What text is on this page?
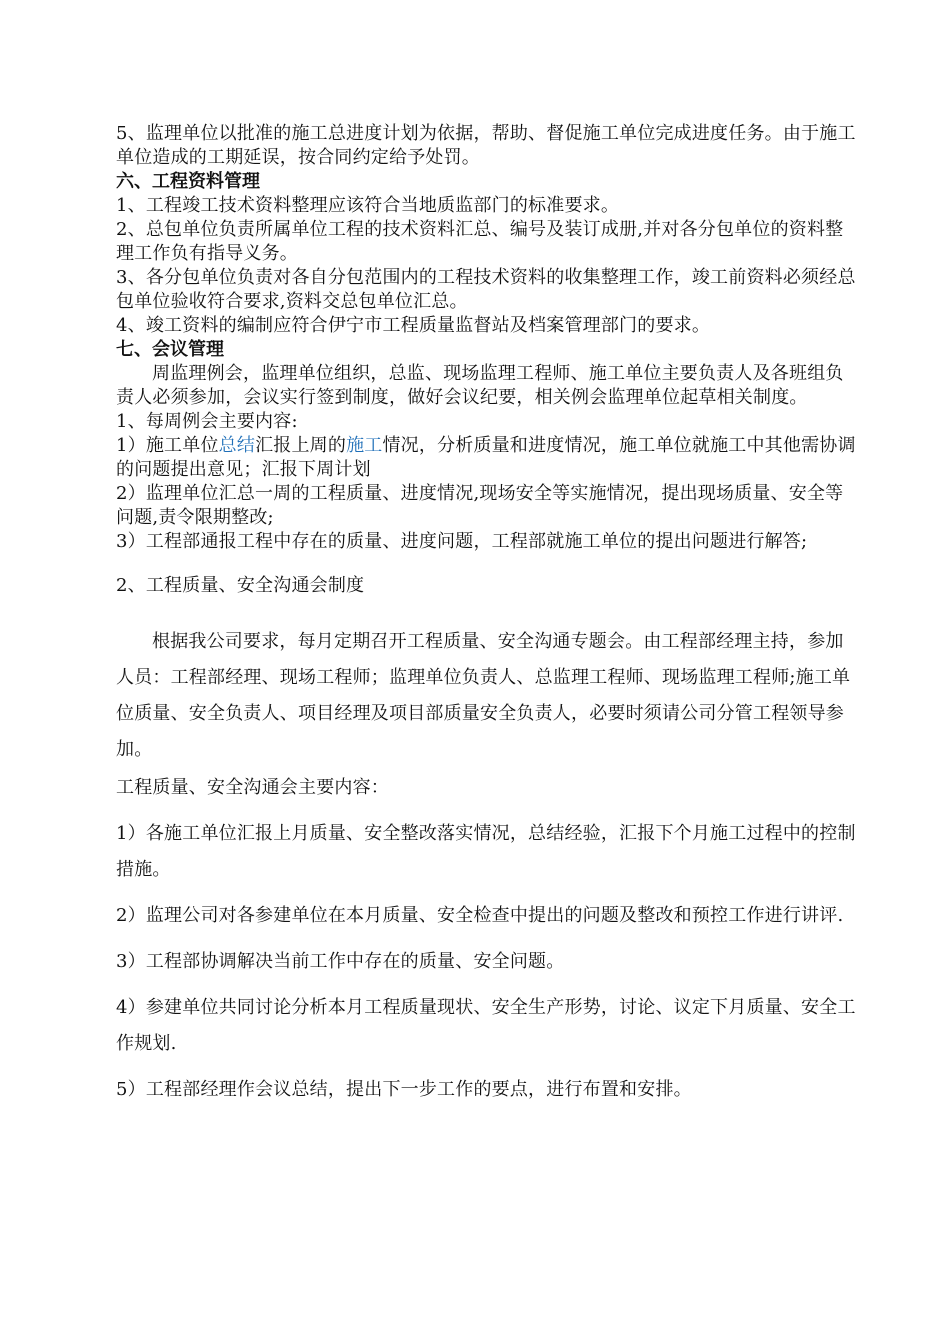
5、监理单位以批准的施工总进度计划为依据，帮助、督促施工单位完成进度任务。由于施工单位造成的工期延误，按合同约定给予处罚。

六、工程资料管理

1、工程竣工技术资料整理应该符合当地质监部门的标准要求。

2、总包单位负责所属单位工程的技术资料汇总、编号及装订成册,并对各分包单位的资料整理工作负有指导义务。

3、各分包单位负责对各自分包范围内的工程技术资料的收集整理工作，竣工前资料必须经总包单位验收符合要求,资料交总包单位汇总。

4、竣工资料的编制应符合伊宁市工程质量监督站及档案管理部门的要求。

七、会议管理

周监理例会，监理单位组织，总监、现场监理工程师、施工单位主要负责人及各班组负责人必须参加，会议实行签到制度，做好会议纪要，相关例会监理单位起草相关制度。

1、每周例会主要内容:

1）施工单位总结汇报上周的施工情况，分析质量和进度情况，施工单位就施工中其他需协调的问题提出意见；汇报下周计划

2）监理单位汇总一周的工程质量、进度情况,现场安全等实施情况，提出现场质量、安全等问题,责令限期整改;

3）工程部通报工程中存在的质量、进度问题，工程部就施工单位的提出问题进行解答;

2、工程质量、安全沟通会制度

根据我公司要求，每月定期召开工程质量、安全沟通专题会。由工程部经理主持，参加人员：工程部经理、现场工程师；监理单位负责人、总监理工程师、现场监理工程师;施工单位质量、安全负责人、项目经理及项目部质量安全负责人，必要时须请公司分管工程领导参加。

工程质量、安全沟通会主要内容：

1）各施工单位汇报上月质量、安全整改落实情况，总结经验，汇报下个月施工过程中的控制措施。

2）监理公司对各参建单位在本月质量、安全检查中提出的问题及整改和预控工作进行讲评.

3）工程部协调解决当前工作中存在的质量、安全问题。

4）参建单位共同讨论分析本月工程质量现状、安全生产形势，讨论、议定下月质量、安全工作规划.

5）工程部经理作会议总结，提出下一步工作的要点，进行布置和安排。
